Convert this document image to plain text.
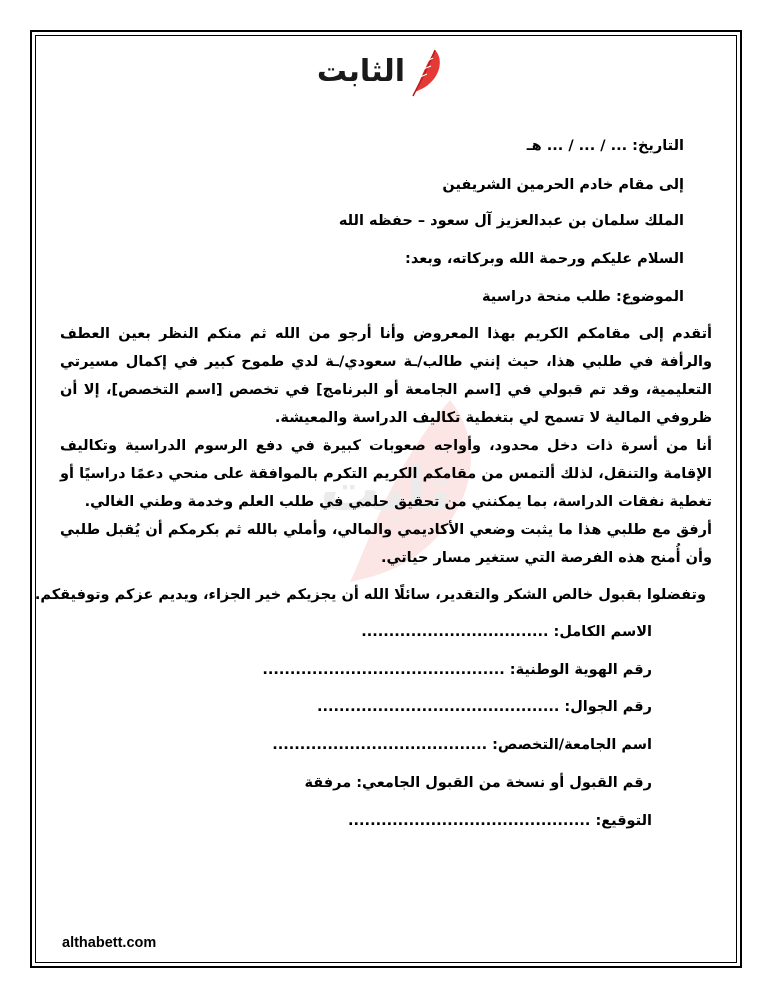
الثابت
ثابت
التاريخ: ... / ... / ... هـ
إلى مقام خادم الحرمين الشريفين
الملك سلمان بن عبدالعزيز آل سعود – حفظه الله
السلام عليكم ورحمة الله وبركاته، وبعد:
الموضوع: طلب منحة دراسية
أتقدم إلى مقامكم الكريم بهذا المعروض وأنا أرجو من الله ثم منكم النظر بعين العطف والرأفة في طلبي هذا، حيث إنني طالب/ـة سعودي/ـة لدي طموح كبير في إكمال مسيرتي التعليمية، وقد تم قبولي في [اسم الجامعة أو البرنامج] في تخصص [اسم التخصص]، إلا أن ظروفي المالية لا تسمح لي بتغطية تكاليف الدراسة والمعيشة.
أنا من أسرة ذات دخل محدود، وأواجه صعوبات كبيرة في دفع الرسوم الدراسية وتكاليف الإقامة والتنقل، لذلك ألتمس من مقامكم الكريم التكرم بالموافقة على منحي دعمًا دراسيًا أو تغطية نفقات الدراسة، بما يمكنني من تحقيق حلمي في طلب العلم وخدمة وطني الغالي.
أرفق مع طلبي هذا ما يثبت وضعي الأكاديمي والمالي، وأملي بالله ثم بكرمكم أن يُقبل طلبي وأن أُمنح هذه الفرصة التي ستغير مسار حياتي.
وتفضلوا بقبول خالص الشكر والتقدير، سائلًا الله أن يجزيكم خير الجزاء، ويديم عزكم وتوفيقكم.
الاسم الكامل: ..................................
رقم الهوية الوطنية: ............................................
رقم الجوال: ............................................
اسم الجامعة/التخصص: .......................................
رقم القبول أو نسخة من القبول الجامعي: مرفقة
التوقيع: ............................................
althabett.com
